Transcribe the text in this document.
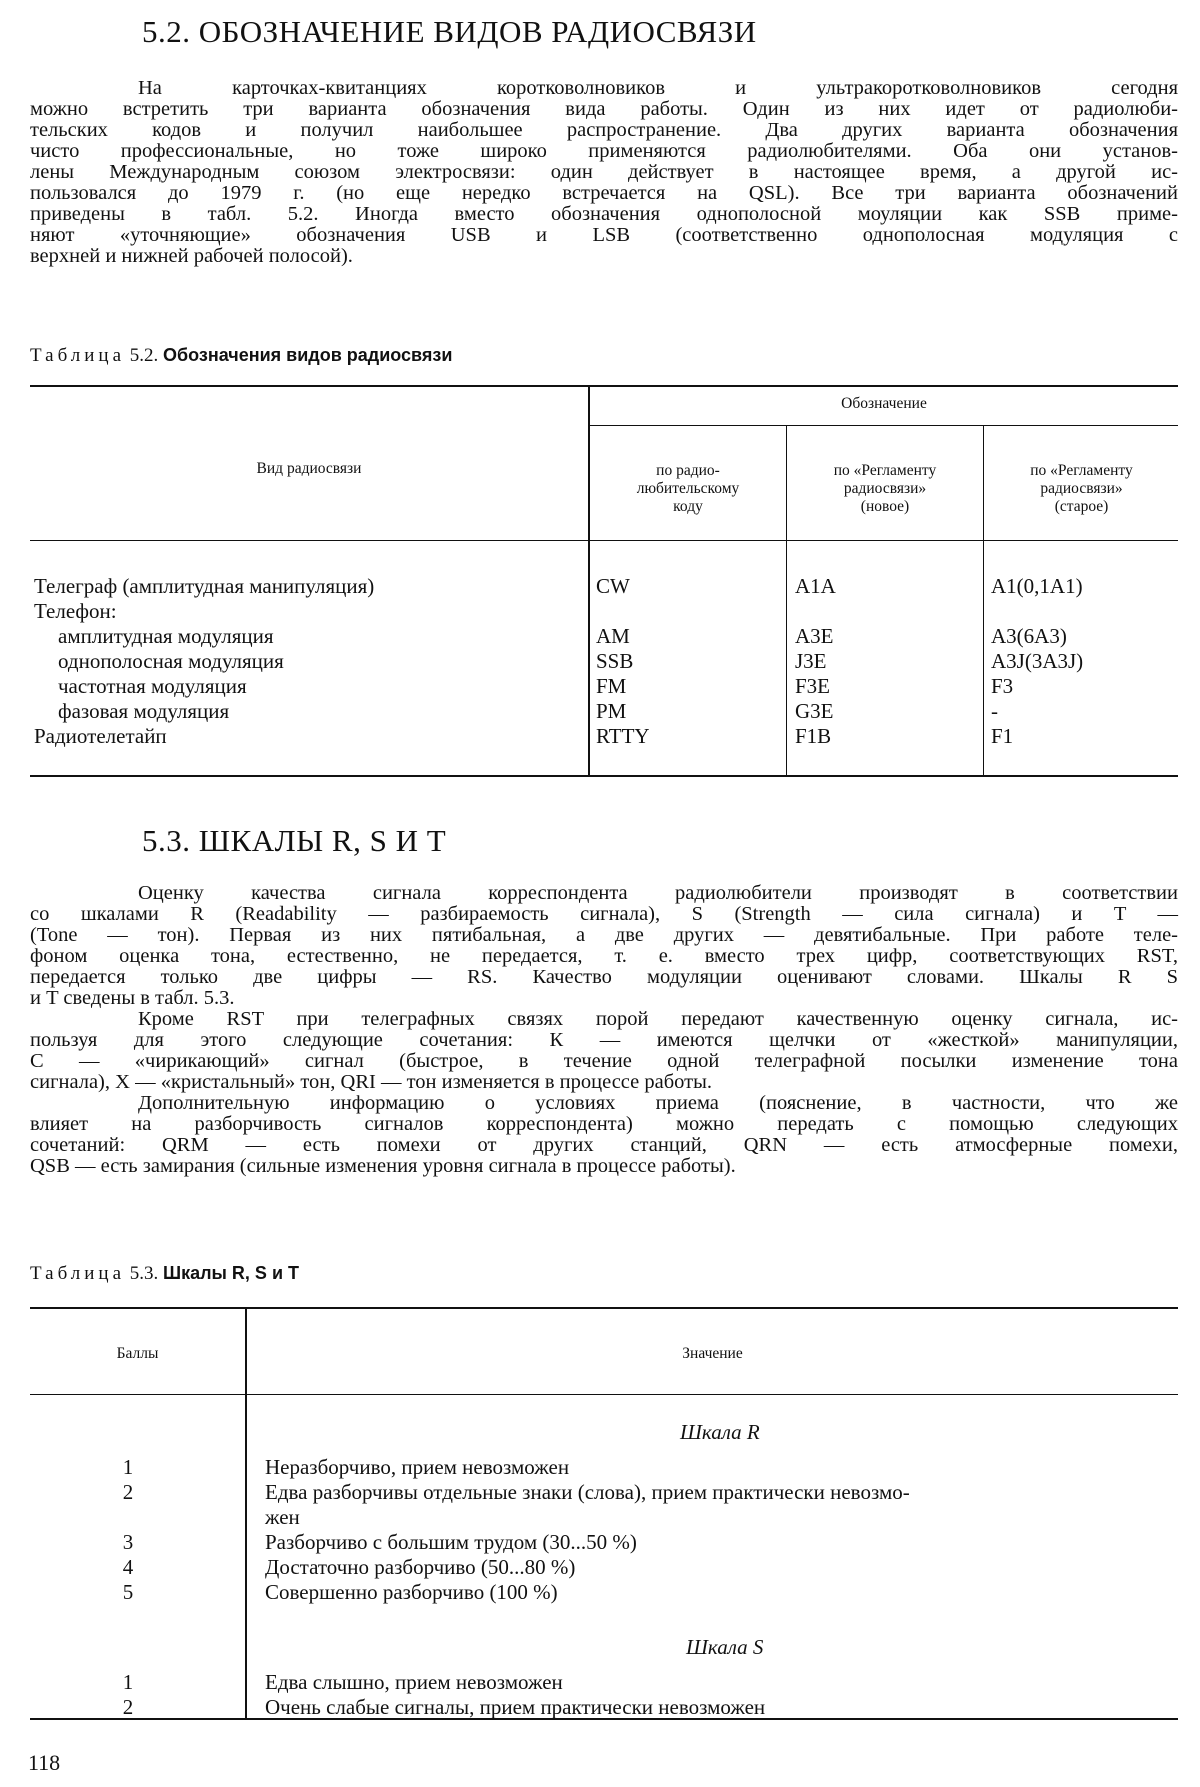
5.2. ОБОЗНАЧЕНИЕ ВИДОВ РАДИОСВЯЗИ
На карточках-квитанциях коротковолновиков и ультракоротковолновиков сегодня
можно встретить три варианта обозначения вида работы. Один из них идет от радиолюби-
тельских кодов и получил наибольшее распространение. Два других варианта обозначения
чисто профессиональные, но тоже широко применяются радиолюбителями. Оба они установ-
лены Международным союзом электросвязи: один действует в настоящее время, а другой ис-
пользовался до 1979 г. (но еще нередко встречается на QSL). Все три варианта обозначений
приведены в табл. 5.2. Иногда вместо обозначения однополосной моуляции как SSB приме-
няют «уточняющие» обозначения USB и LSB (соответственно однополосная модуляция с
верхней и нижней рабочей полосой).
Таблица 5.2. Обозначения видов радиосвязи
Вид радиосвязи
Обозначение
по радио-
любительскому
коду
по «Регламенту
радиосвязи»
(новое)
по «Регламенту
радиосвязи»
(старое)
Телеграф (амплитудная манипуляция)
Телефон:
амплитудная модуляция
однополосная модуляция
частотная модуляция
фазовая модуляция
Радиотелетайп
CW
AM
SSB
FM
PM
RTTY
A1A
A3E
J3E
F3E
G3E
F1B
A1(0,1A1)
A3(6A3)
A3J(3A3J)
F3
-
F1
5.3. ШКАЛЫ R, S И Т
Оценку качества сигнала корреспондента радиолюбители производят в соответствии
со шкалами R (Readability — разбираемость сигнала), S (Strength — сила сигнала) и T —
(Tone — тон). Первая из них пятибальная, а две других — девятибальные. При работе теле-
фоном оценка тона, естественно, не передается, т. е. вместо трех цифр, соответствующих RST,
передается только две цифры — RS. Качество модуляции оценивают словами. Шкалы R S
и T сведены в табл. 5.3.
Кроме RST при телеграфных связях порой передают качественную оценку сигнала, ис-
пользуя для этого следующие сочетания: К — имеются щелчки от «жесткой» манипуляции,
С — «чирикающий» сигнал (быстрое, в течение одной телеграфной посылки изменение тона
сигнала), Х — «кристальный» тон, QRI — тон изменяется в процессе работы.
Дополнительную информацию о условиях приема (пояснение, в частности, что же
влияет на разборчивость сигналов корреспондента) можно передать с помощью следующих
сочетаний: QRM — есть помехи от других станций, QRN — есть атмосферные помехи,
QSB — есть замирания (сильные изменения уровня сигнала в процессе работы).
Таблица 5.3. Шкалы R, S и T
Баллы	Значение
Шкала R
1
2
3
4
5
Неразборчиво, прием невозможен
Едва разборчивы отдельные знаки (слова), прием практически невозмо-
жен
Разборчиво с большим трудом (30...50 %)
Достаточно разборчиво (50...80 %)
Совершенно разборчиво (100 %)
Шкала S
1
2
Едва слышно, прием невозможен
Очень слабые сигналы, прием практически невозможен
118
